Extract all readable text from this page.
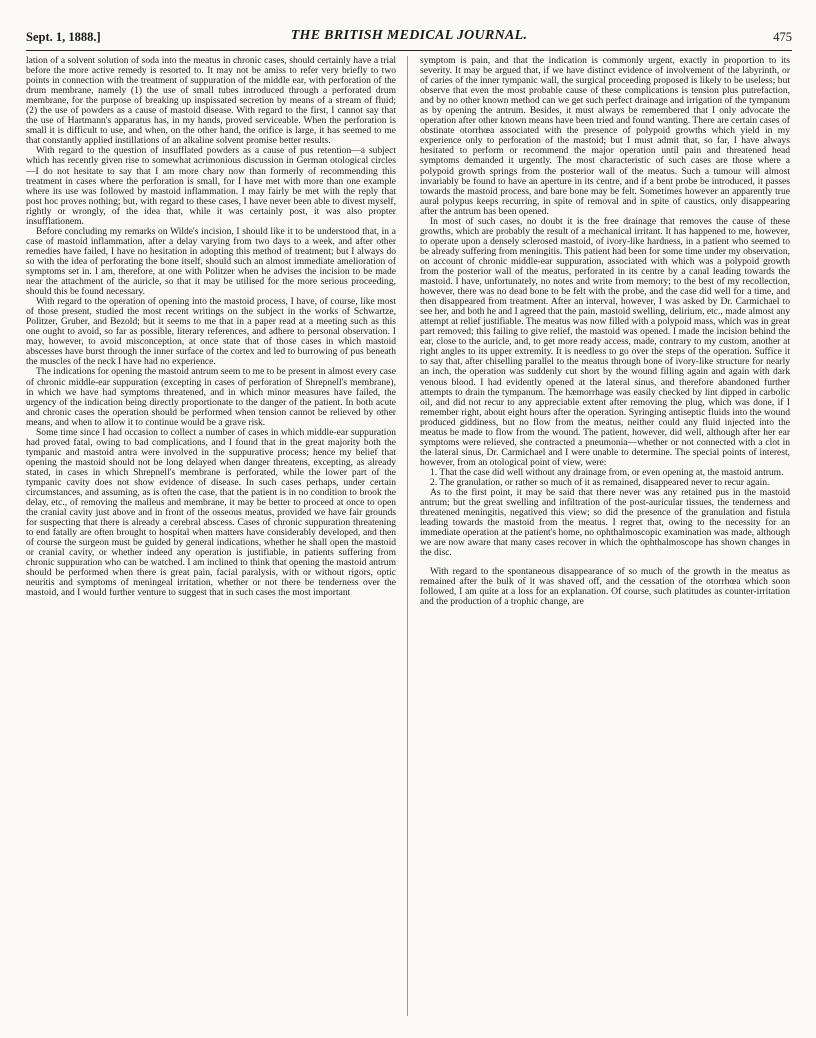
Sept. 1, 1888.]	THE BRITISH MEDICAL JOURNAL.	475

lation of a solvent solution of soda into the meatus in chronic cases, should certainly have a trial before the more active remedy is resorted to. It may not be amiss to refer very briefly to two points in connection with the treatment of suppuration of the middle ear, with perforation of the drum membrane, namely (1) the use of small tubes introduced through a perforated drum membrane, for the purpose of breaking up inspissated secretion by means of a stream of fluid; (2) the use of powders as a cause of mastoid disease. With regard to the first, I cannot say that the use of Hartmann's apparatus has, in my hands, proved serviceable. When the perforation is small it is difficult to use, and when, on the other hand, the orifice is large, it has seemed to me that constantly applied instillations of an alkaline solvent promise better results.

With regard to the question of insufflated powders as a cause of pus retention—a subject which has recently given rise to somewhat acrimonious discussion in German otological circles—I do not hesitate to say that I am more chary now than formerly of recommending this treatment in cases where the perforation is small, for I have met with more than one example where its use was followed by mastoid inflammation. I may fairly be met with the reply that post hoc proves nothing; but, with regard to these cases, I have never been able to divest myself, rightly or wrongly, of the idea that, while it was certainly post, it was also propter insufflationem.

Before concluding my remarks on Wilde's incision, I should like it to be understood that, in a case of mastoid inflammation, after a delay varying from two days to a week, and after other remedies have failed, I have no hesitation in adopting this method of treatment; but I always do so with the idea of perforating the bone itself, should such an almost immediate amelioration of symptoms set in. I am, therefore, at one with Politzer when he advises the incision to be made near the attachment of the auricle, so that it may be utilised for the more serious proceeding, should this be found necessary.

With regard to the operation of opening into the mastoid process, I have, of course, like most of those present, studied the most recent writings on the subject in the works of Schwartze, Politzer, Gruber, and Bezold; but it seems to me that in a paper read at a meeting such as this one ought to avoid, so far as possible, literary references, and adhere to personal observation. I may, however, to avoid misconception, at once state that of those cases in which mastoid abscesses have burst through the inner surface of the cortex and led to burrowing of pus beneath the muscles of the neck I have had no experience.

The indications for opening the mastoid antrum seem to me to be present in almost every case of chronic middle-ear suppuration (excepting in cases of perforation of Shrepnell's membrane), in which we have had symptoms threatened, and in which minor measures have failed, the urgency of the indication being directly proportionate to the danger of the patient. In both acute and chronic cases the operation should be performed when tension cannot be relieved by other means, and when to allow it to continue would be a grave risk.

Some time since I had occasion to collect a number of cases in which middle-ear suppuration had proved fatal, owing to bad complications, and I found that in the great majority both the tympanic and mastoid antra were involved in the suppurative process; hence my belief that opening the mastoid should not be long delayed when danger threatens, excepting, as already stated, in cases in which Shrepnell's membrane is perforated, while the lower part of the tympanic cavity does not show evidence of disease. In such cases perhaps, under certain circumstances, and assuming, as is often the case, that the patient is in no condition to brook the delay, etc., of removing the malleus and membrane, it may be better to proceed at once to open the cranial cavity just above and in front of the osseous meatus, provided we have fair grounds for suspecting that there is already a cerebral abscess. Cases of chronic suppuration threatening to end fatally are often brought to hospital when matters have considerably developed, and then of course the surgeon must be guided by general indications, whether he shall open the mastoid or cranial cavity, or whether indeed any operation is justifiable, in patients suffering from chronic suppuration who can be watched. I am inclined to think that opening the mastoid antrum should be performed when there is great pain, facial paralysis, with or without rigors, optic neuritis and symptoms of meningeal irritation, whether or not there be tenderness over the mastoid, and I would further venture to suggest that in such cases the most important

symptom is pain, and that the indication is commonly urgent, exactly in proportion to its severity. It may be argued that, if we have distinct evidence of involvement of the labyrinth, or of caries of the inner tympanic wall, the surgical proceeding proposed is likely to be useless; but observe that even the most probable cause of these complications is tension plus putrefaction, and by no other known method can we get such perfect drainage and irrigation of the tympanum as by opening the antrum. Besides, it must always be remembered that I only advocate the operation after other known means have been tried and found wanting. There are certain cases of obstinate otorrhœa associated with the presence of polypoid growths which yield in my experience only to perforation of the mastoid; but I must admit that, so far, I have always hesitated to perform or recommend the major operation until pain and threatened head symptoms demanded it urgently. The most characteristic of such cases are those where a polypoid growth springs from the posterior wall of the meatus. Such a tumour will almost invariably be found to have an aperture in its centre, and if a bent probe be introduced, it passes towards the mastoid process, and bare bone may be felt. Sometimes however an apparently true aural polypus keeps recurring, in spite of removal and in spite of caustics, only disappearing after the antrum has been opened.

In most of such cases, no doubt it is the free drainage that removes the cause of these growths, which are probably the result of a mechanical irritant. It has happened to me, however, to operate upon a densely sclerosed mastoid, of ivory-like hardness, in a patient who seemed to be already suffering from meningitis. This patient had been for some time under my observation, on account of chronic middle-ear suppuration, associated with which was a polypoid growth from the posterior wall of the meatus, perforated in its centre by a canal leading towards the mastoid. I have, unfortunately, no notes and write from memory; to the best of my recollection, however, there was no dead bone to be felt with the probe, and the case did well for a time, and then disappeared from treatment. After an interval, however, I was asked by Dr. Carmichael to see her, and both he and I agreed that the pain, mastoid swelling, delirium, etc., made almost any attempt at relief justifiable. The meatus was now filled with a polypoid mass, which was in great part removed; this failing to give relief, the mastoid was opened. I made the incision behind the ear, close to the auricle, and, to get more ready access, made, contrary to my custom, another at right angles to its upper extremity. It is needless to go over the steps of the operation. Suffice it to say that, after chiselling parallel to the meatus through bone of ivory-like structure for nearly an inch, the operation was suddenly cut short by the wound filling again and again with dark venous blood. I had evidently opened at the lateral sinus, and therefore abandoned further attempts to drain the tympanum. The hæmorrhage was easily checked by lint dipped in carbolic oil, and did not recur to any appreciable extent after removing the plug, which was done, if I remember right, about eight hours after the operation. Syringing antiseptic fluids into the wound produced giddiness, but no flow from the meatus, neither could any fluid injected into the meatus be made to flow from the wound. The patient, however, did well, although after her ear symptoms were relieved, she contracted a pneumonia—whether or not connected with a clot in the lateral sinus, Dr. Carmichael and I were unable to determine. The special points of interest, however, from an otological point of view, were:

1. That the case did well without any drainage from, or even opening at, the mastoid antrum.

2. The granulation, or rather so much of it as remained, disappeared never to recur again.

As to the first point, it may be said that there never was any retained pus in the mastoid antrum; but the great swelling and infiltration of the post-auricular tissues, the tenderness and threatened meningitis, negatived this view; so did the presence of the granulation and fistula leading towards the mastoid from the meatus. I regret that, owing to the necessity for an immediate operation at the patient's home, no ophthalmoscopic examination was made, although we are now aware that many cases recover in which the ophthalmoscope has shown changes in the disc.

With regard to the spontaneous disappearance of so much of the growth in the meatus as remained after the bulk of it was shaved off, and the cessation of the otorrhœa which soon followed, I am quite at a loss for an explanation. Of course, such platitudes as counter-irritation and the production of a trophic change, are
